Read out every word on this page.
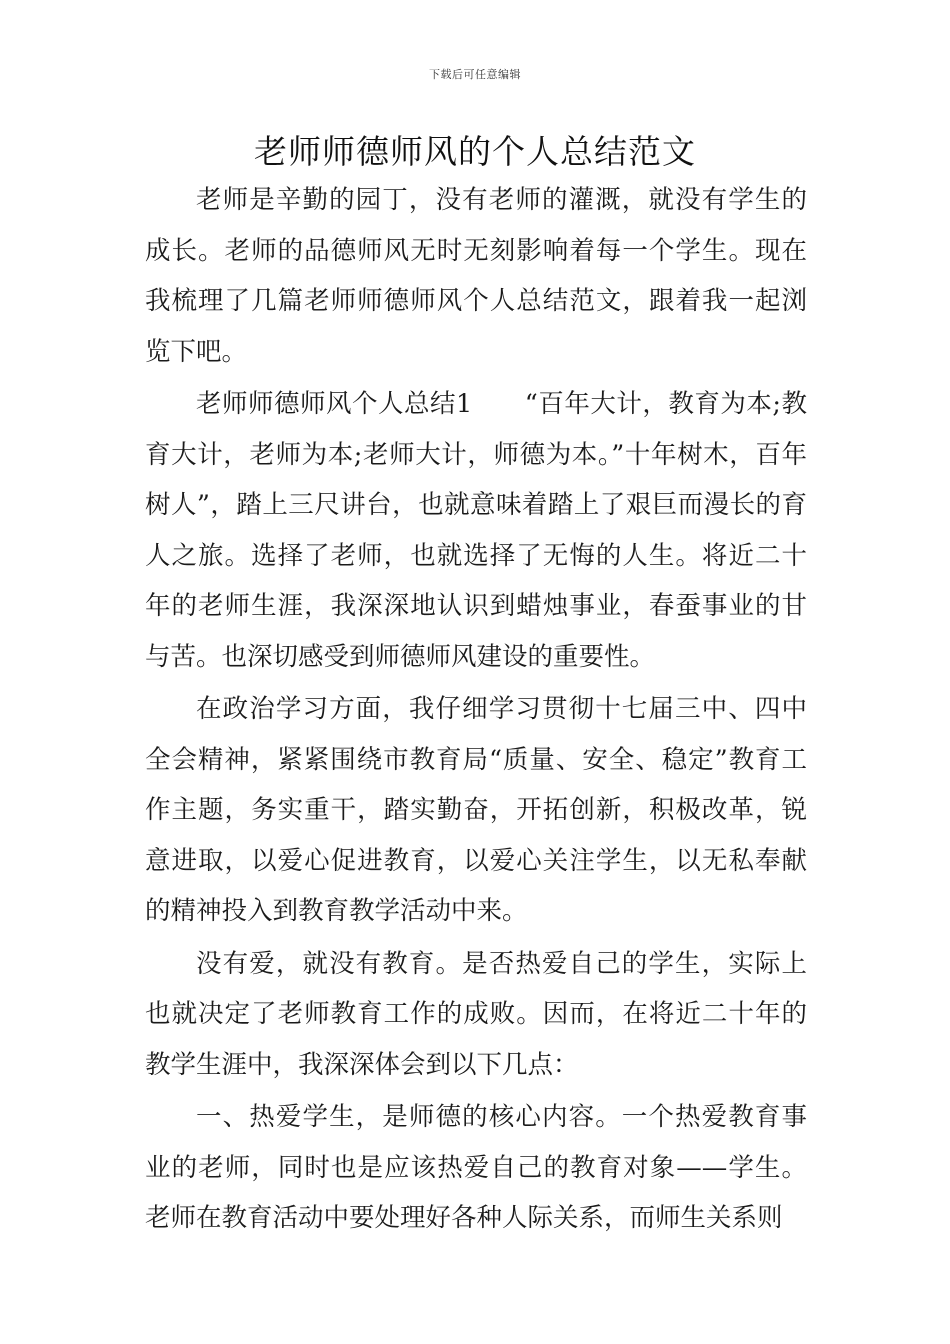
下载后可任意编辑
老师师德师风的个人总结范文

老师是辛勤的园丁，没有老师的灌溉，就没有学生的成长。老师的品德师风无时无刻影响着每一个学生。现在我梳理了几篇老师师德师风个人总结范文，跟着我一起浏览下吧。

老师师德师风个人总结1　　“百年大计，教育为本;教育大计，老师为本;老师大计，师德为本。”十年树木，百年树人”，踏上三尺讲台，也就意味着踏上了艰巨而漫长的育人之旅。选择了老师，也就选择了无悔的人生。将近二十年的老师生涯，我深深地认识到蜡烛事业，春蚕事业的甘与苦。也深切感受到师德师风建设的重要性。

在政治学习方面，我仔细学习贯彻十七届三中、四中全会精神，紧紧围绕市教育局“质量、安全、稳定”教育工作主题，务实重干，踏实勤奋，开拓创新，积极改革，锐意进取，以爱心促进教育，以爱心关注学生，以无私奉献的精神投入到教育教学活动中来。

没有爱，就没有教育。是否热爱自己的学生，实际上也就决定了老师教育工作的成败。因而，在将近二十年的教学生涯中，我深深体会到以下几点：

一、热爱学生，是师德的核心内容。一个热爱教育事业的老师，同时也是应该热爱自己的教育对象——学生。老师在教育活动中要处理好各种人际关系，而师生关系则
